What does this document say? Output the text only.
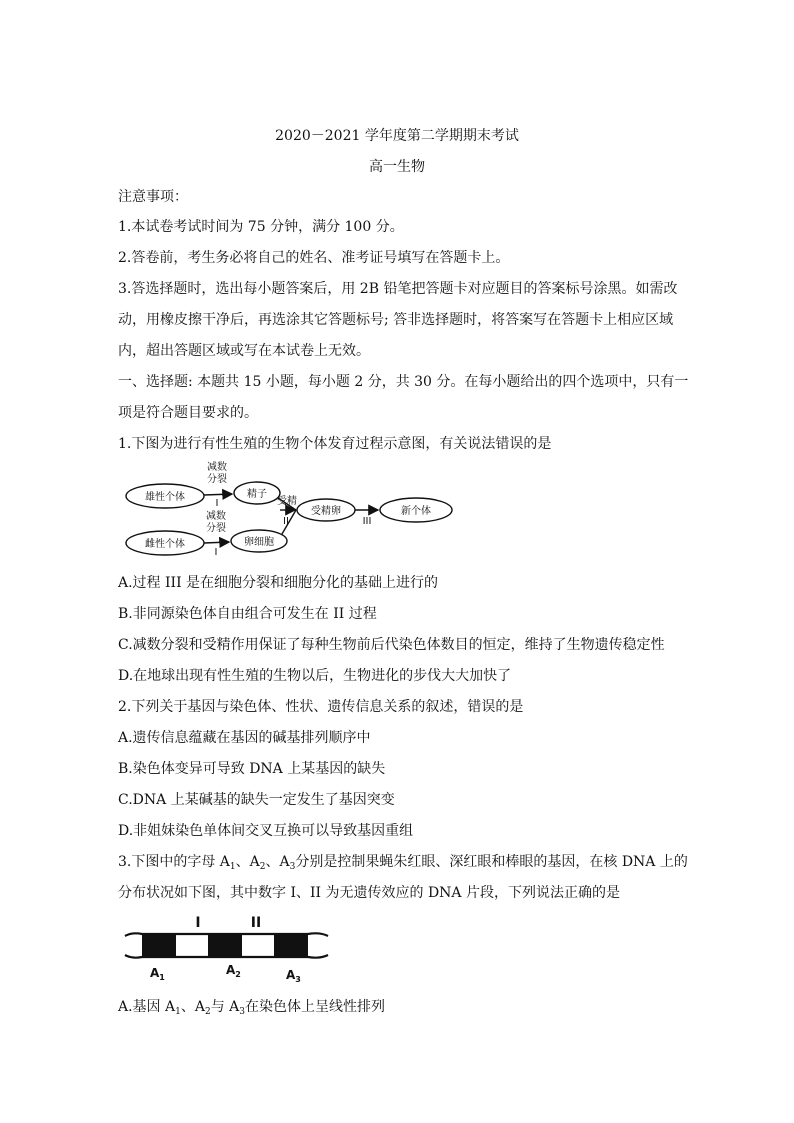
2020－2021 学年度第二学期期末考试
高一生物
注意事项：
1.本试卷考试时间为 75 分钟，满分 100 分。
2.答卷前，考生务必将自己的姓名、准考证号填写在答题卡上。
3.答选择题时，选出每小题答案后，用 2B 铅笔把答题卡对应题目的答案标号涂黑。如需改
动，用橡皮擦干净后，再选涂其它答题标号; 答非选择题时，将答案写在答题卡上相应区域
内，超出答题区域或写在本试卷上无效。
一、选择题: 本题共 15 小题，每小题 2 分，共 30 分。在每小题给出的四个选项中，只有一
项是符合题目要求的。
1.下图为进行有性生殖的生物个体发育过程示意图，有关说法错误的是
雄性个体
雌性个体
精子
卵细胞
受精卵	新个体
减数
分裂
I
减数
分裂
I
受精
II	III
A.过程 III 是在细胞分裂和细胞分化的基础上进行的
B.非同源染色体自由组合可发生在 II 过程
C.减数分裂和受精作用保证了每种生物前后代染色体数目的恒定，维持了生物遗传稳定性
D.在地球出现有性生殖的生物以后，生物进化的步伐大大加快了
2.下列关于基因与染色体、性状、遗传信息关系的叙述，错误的是
A.遗传信息蕴藏在基因的碱基排列顺序中
B.染色体变异可导致 DNA 上某基因的缺失
C.DNA 上某碱基的缺失一定发生了基因突变
D.非姐妹染色单体间交叉互换可以导致基因重组
3.下图中的字母 $A_1$、$A_2$、$A_3$分别是控制果蝇朱红眼、深红眼和棒眼的基因，在核 DNA 上的
分布状况如下图，其中数字 I、II 为无遗传效应的 DNA 片段，下列说法正确的是
I	II
$A_1$
$A_2$	$A_3$
A.基因 $A_1$、$A_2$与 $A_3$在染色体上呈线性排列
